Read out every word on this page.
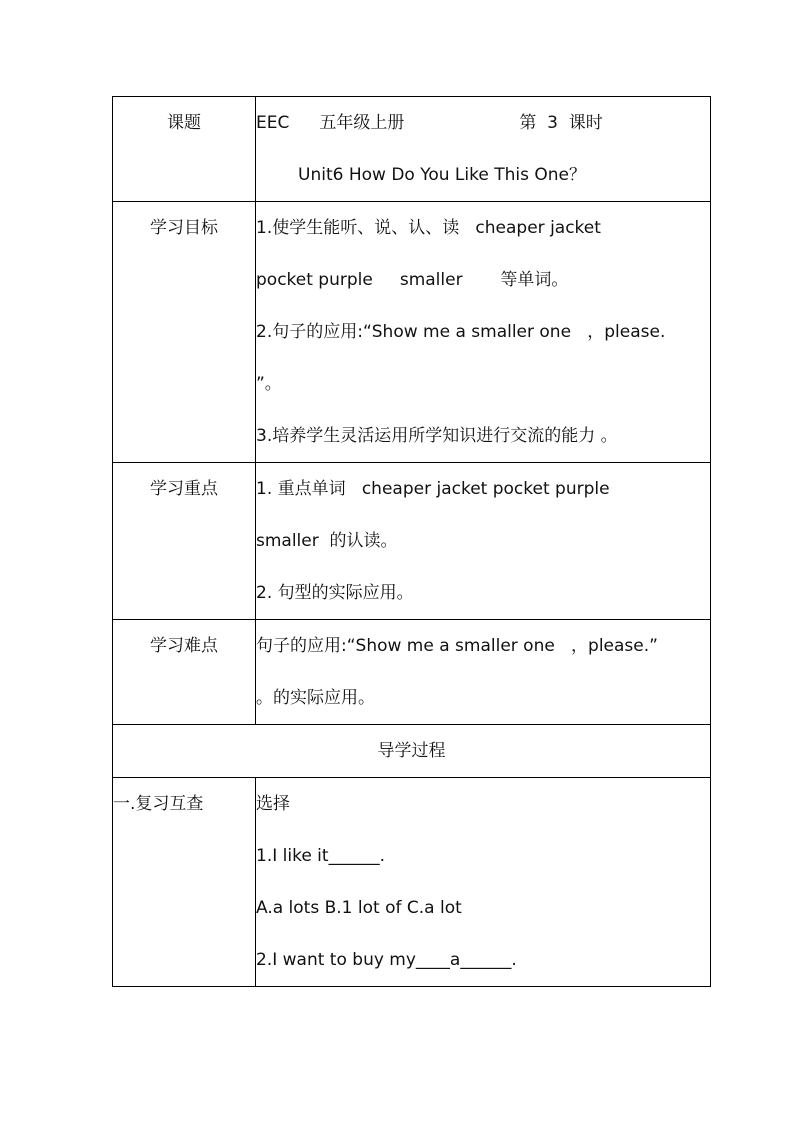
课题	EEC 五年级上册 第  3  课时
Unit6 How Do You Like This One？

学习目标	1.使学生能听、说、认、读   cheaper jacket
pocket purple     smaller       等单词。
2.句子的应用:“Show me a smaller one   ，please.
”。
3.培养学生灵活运用所学知识进行交流的能力 。

学习重点	1. 重点单词   cheaper jacket pocket purple
smaller  的认读。
2. 句型的实际应用。

学习难点	句子的应用:“Show me a smaller one   ，please.”
。的实际应用。

导学过程	

一.复习互查	选择
1.I like it______.
A.a lots B.1 lot of C.a lot
2.I want to buy my____a______.
